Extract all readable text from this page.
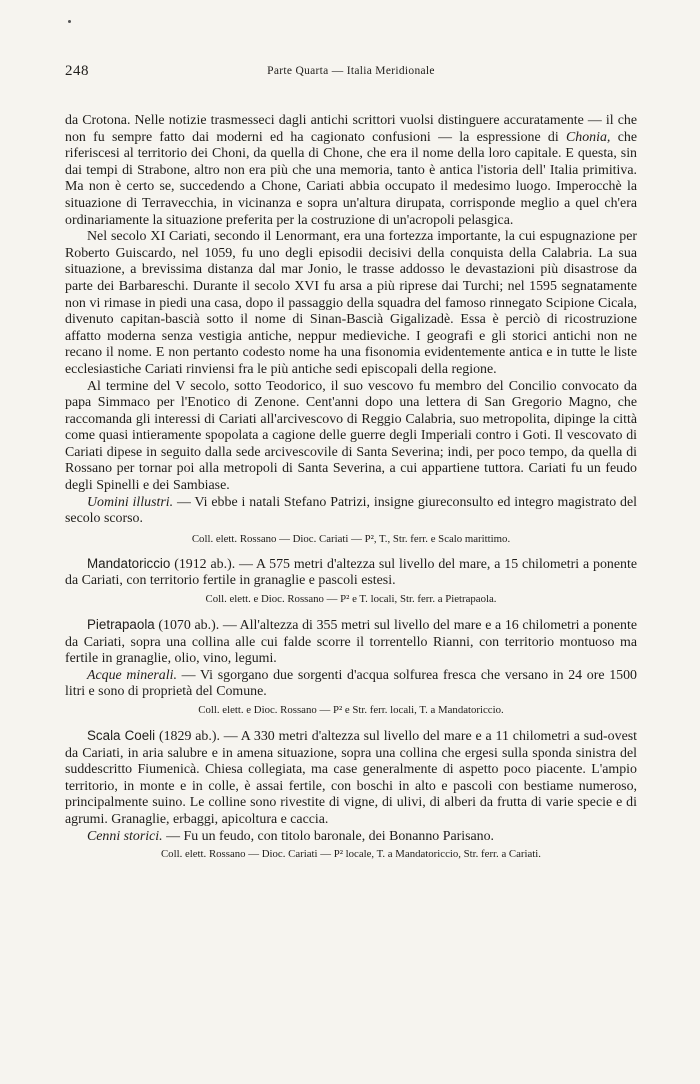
248	Parte Quarta — Italia Meridionale

da Crotona. Nelle notizie trasmesseci dagli antichi scrittori vuolsi distinguere accuratamente — il che non fu sempre fatto dai moderni ed ha cagionato confusioni — la espressione di Chonia, che riferiscesi al territorio dei Choni, da quella di Chone, che era il nome della loro capitale. E questa, sin dai tempi di Strabone, altro non era più che una memoria, tanto è antica l'istoria dell' Italia primitiva. Ma non è certo se, succedendo a Chone, Cariati abbia occupato il medesimo luogo. Imperocchè la situazione di Terravecchia, in vicinanza e sopra un'altura dirupata, corrisponde meglio a quel ch'era ordinariamente la situazione preferita per la costruzione di un'acropoli pelasgica.

Nel secolo XI Cariati, secondo il Lenormant, era una fortezza importante, la cui espugnazione per Roberto Guiscardo, nel 1059, fu uno degli episodii decisivi della conquista della Calabria. La sua situazione, a brevissima distanza dal mar Jonio, le trasse addosso le devastazioni più disastrose da parte dei Barbareschi. Durante il secolo XVI fu arsa a più riprese dai Turchi; nel 1595 segnatamente non vi rimase in piedi una casa, dopo il passaggio della squadra del famoso rinnegato Scipione Cicala, divenuto capitan-bascià sotto il nome di Sinan-Bascià Gigalizadè. Essa è perciò di ricostruzione affatto moderna senza vestigia antiche, neppur medieviche. I geografi e gli storici antichi non ne recano il nome. E non pertanto codesto nome ha una fisonomia evidentemente antica e in tutte le liste ecclesiastiche Cariati rinviensi fra le più antiche sedi episcopali della regione.

Al termine del V secolo, sotto Teodorico, il suo vescovo fu membro del Concilio convocato da papa Simmaco per l'Enotico di Zenone. Cent'anni dopo una lettera di San Gregorio Magno, che raccomanda gli interessi di Cariati all'arcivescovo di Reggio Calabria, suo metropolita, dipinge la città come quasi intieramente spopolata a cagione delle guerre degli Imperiali contro i Goti. Il vescovato di Cariati dipese in seguito dalla sede arcivescovile di Santa Severina; indi, per poco tempo, da quella di Rossano per tornar poi alla metropoli di Santa Severina, a cui appartiene tuttora. Cariati fu un feudo degli Spinelli e dei Sambiase.

Uomini illustri. — Vi ebbe i natali Stefano Patrizi, insigne giureconsulto ed integro magistrato del secolo scorso.

Coll. elett. Rossano — Dioc. Cariati — P², T., Str. ferr. e Scalo marittimo.

Mandatoriccio (1912 ab.). — A 575 metri d'altezza sul livello del mare, a 15 chilometri a ponente da Cariati, con territorio fertile in granaglie e pascoli estesi.

Coll. elett. e Dioc. Rossano — P² e T. locali, Str. ferr. a Pietrapaola.

Pietrapaola (1070 ab.). — All'altezza di 355 metri sul livello del mare e a 16 chilometri a ponente da Cariati, sopra una collina alle cui falde scorre il torrentello Rianni, con territorio montuoso ma fertile in granaglie, olio, vino, legumi.

Acque minerali. — Vi sgorgano due sorgenti d'acqua solfurea fresca che versano in 24 ore 1500 litri e sono di proprietà del Comune.

Coll. elett. e Dioc. Rossano — P² e Str. ferr. locali, T. a Mandatoriccio.

Scala Coeli (1829 ab.). — A 330 metri d'altezza sul livello del mare e a 11 chilometri a sud-ovest da Cariati, in aria salubre e in amena situazione, sopra una collina che ergesi sulla sponda sinistra del suddescritto Fiumenicà. Chiesa collegiata, ma case generalmente di aspetto poco piacente. L'ampio territorio, in monte e in colle, è assai fertile, con boschi in alto e pascoli con bestiame numeroso, principalmente suino. Le colline sono rivestite di vigne, di ulivi, di alberi da frutta di varie specie e di agrumi. Granaglie, erbaggi, apicoltura e caccia.

Cenni storici. — Fu un feudo, con titolo baronale, dei Bonanno Parisano.

Coll. elett. Rossano — Dioc. Cariati — P² locale, T. a Mandatoriccio, Str. ferr. a Cariati.
